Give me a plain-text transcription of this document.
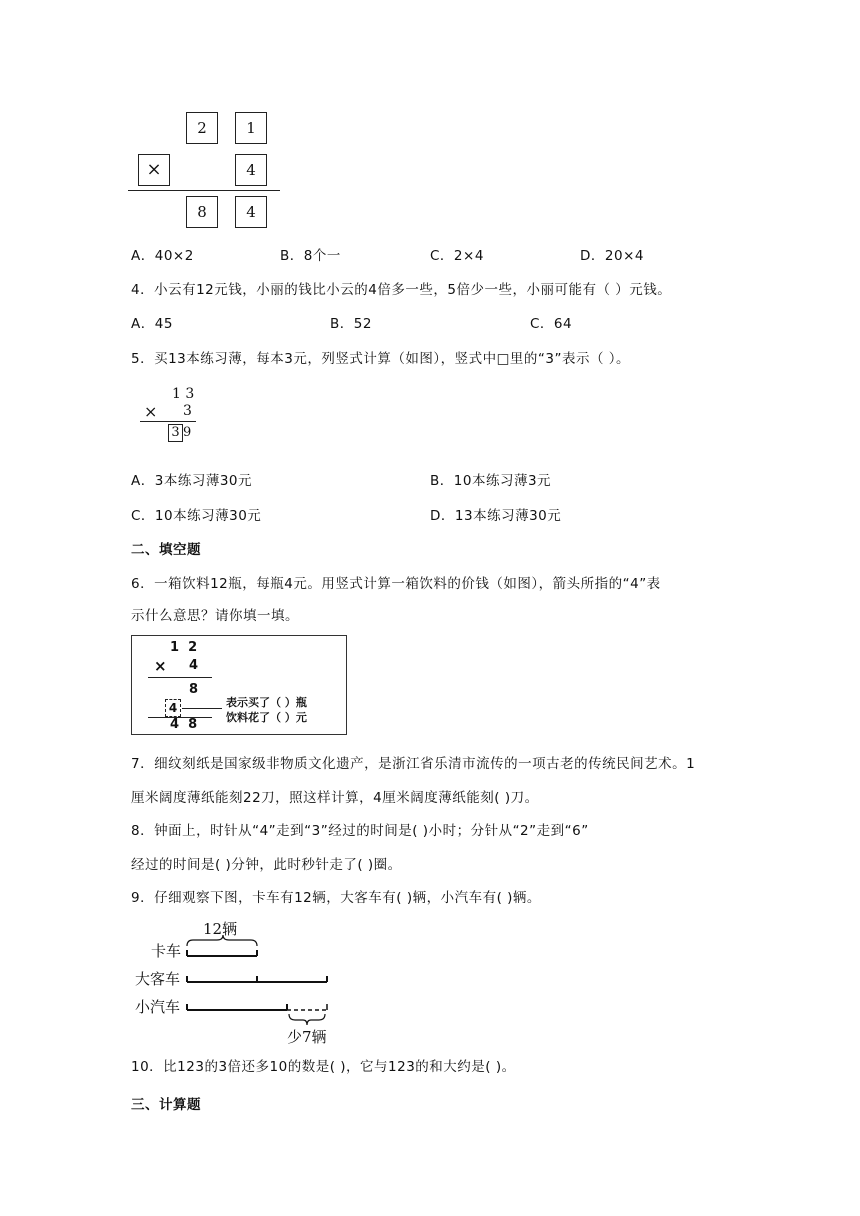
2	1
×	4
8	4
A．40×2	B．8个一	C．2×4	D．20×4
4．小云有12元钱，小丽的钱比小云的4倍多一些，5倍少一些，小丽可能有（ ）元钱。
A．45	B．52	C．64
5．买13本练习薄，每本3元，列竖式计算（如图），竖式中□里的“3”表示（ ）。
1 3
× 3
3 9
A．3本练习薄30元	B．10本练习薄3元
C．10本练习薄30元	D．13本练习薄30元
二、填空题
6．一箱饮料12瓶，每瓶4元。用竖式计算一箱饮料的价钱（如图），箭头所指的“4”表
示什么意思？请你填一填。
1  2
× 4
8
4
4  8
表示买了（ ）瓶
饮料花了（ ）元
7．细纹刻纸是国家级非物质文化遗产，是浙江省乐清市流传的一项古老的传统民间艺术。1
厘米阔度薄纸能刻22刀，照这样计算，4厘米阔度薄纸能刻( )刀。
8．钟面上，时针从“4”走到“3”经过的时间是( )小时；分针从“2”走到“6”
经过的时间是( )分钟，此时秒针走了( )圈。
9．仔细观察下图，卡车有12辆，大客车有( )辆，小汽车有( )辆。
12辆
卡车
大客车
小汽车
少7辆
10．比123的3倍还多10的数是( )，它与123的和大约是( )。
三、计算题
